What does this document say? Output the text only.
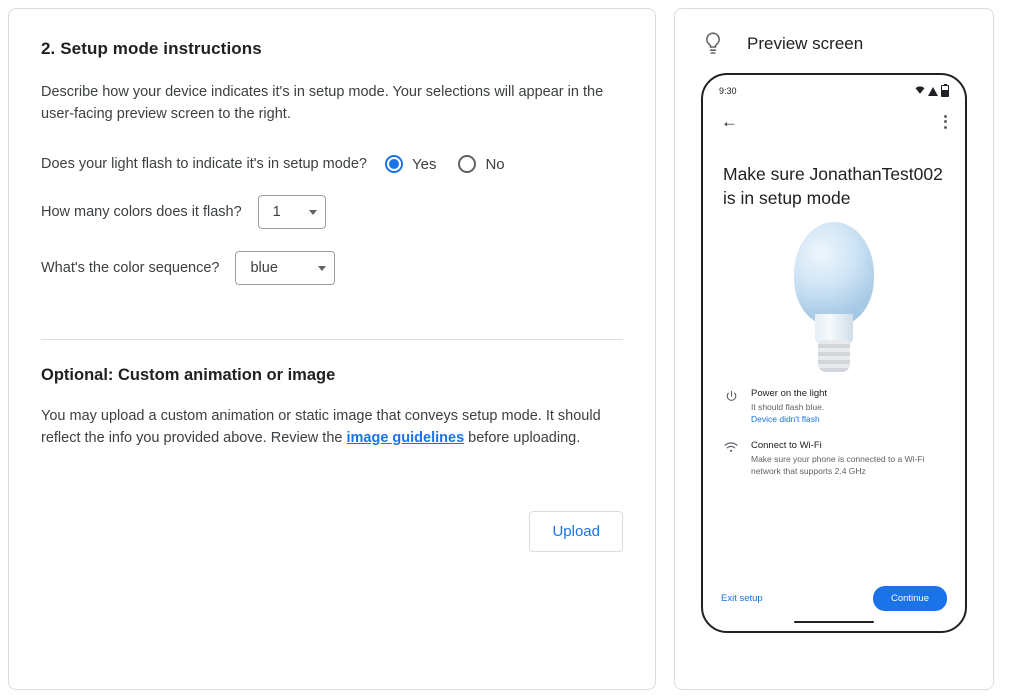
2. Setup mode instructions

Describe how your device indicates it's in setup mode. Your selections will appear in the user-facing preview screen to the right.

Does your light flash to indicate it's in setup mode?	Yes	No
How many colors does it flash? 1
What's the color sequence? blue
Optional: Custom animation or image

You may upload a custom animation or static image that conveys setup mode. It should reflect the info you provided above. Review the image guidelines before uploading.

Upload
Preview screen
9:30
←
Make sure JonathanTest002 is in setup mode
Power on the light
It should flash blue.
Device didn't flash
Connect to Wi-Fi
Make sure your phone is connected to a Wi-Fi network that supports 2.4 GHz
Exit setup	Continue
